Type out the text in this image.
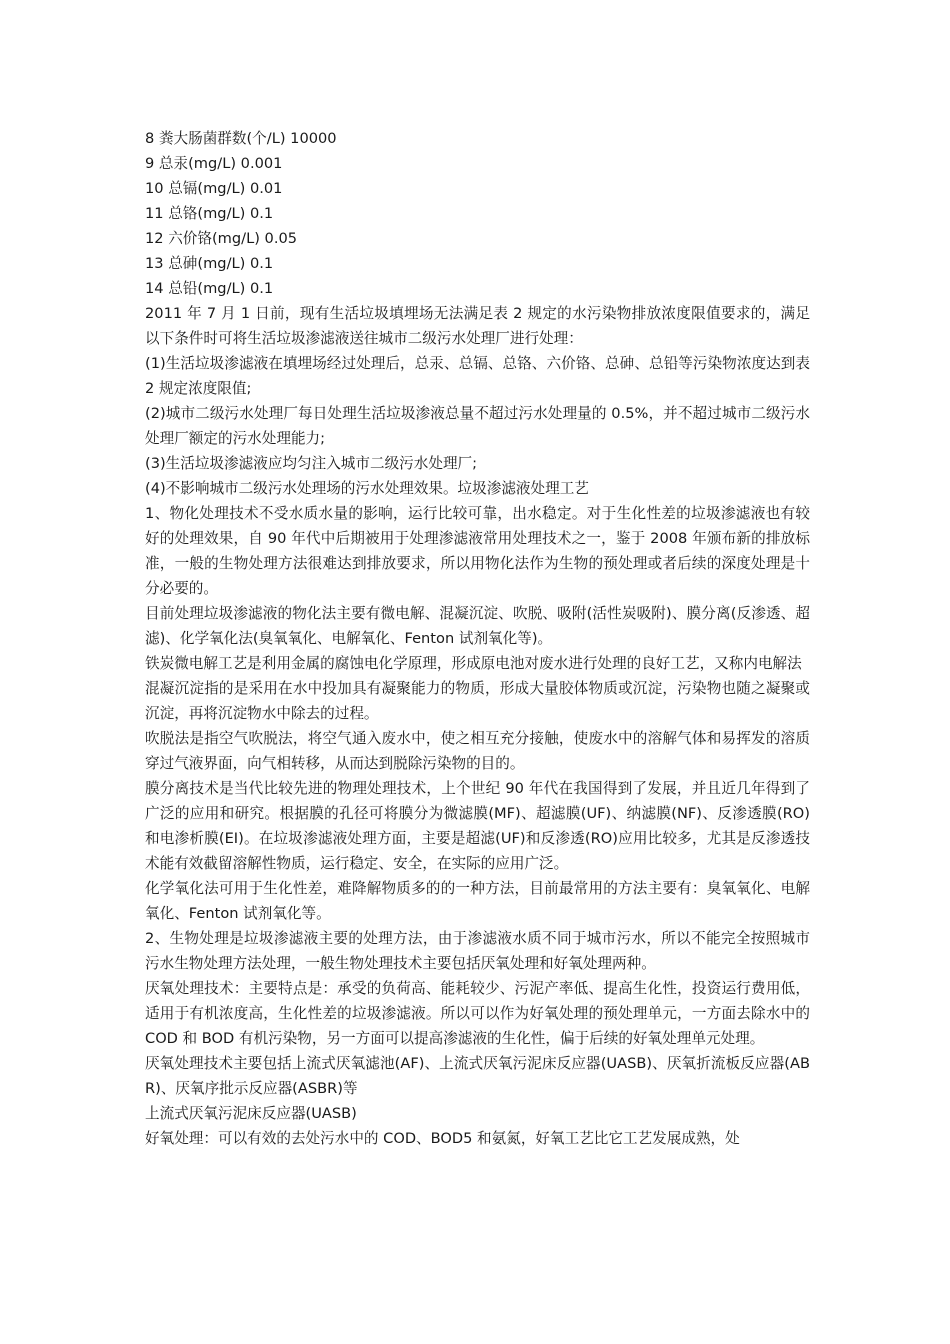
8 粪大肠菌群数(个/L) 10000

9 总汞(mg/L) 0.001

10 总镉(mg/L) 0.01

11 总铬(mg/L) 0.1

12 六价铬(mg/L) 0.05

13 总砷(mg/L) 0.1

14 总铅(mg/L) 0.1

2011 年 7 月 1 日前，现有生活垃圾填埋场无法满足表 2 规定的水污染物排放浓度限值要求的，满足以下条件时可将生活垃圾渗滤液送往城市二级污水处理厂进行处理：

(1)生活垃圾渗滤液在填埋场经过处理后，总汞、总镉、总铬、六价铬、总砷、总铅等污染物浓度达到表 2 规定浓度限值;

(2)城市二级污水处理厂每日处理生活垃圾渗液总量不超过污水处理量的 0.5%，并不超过城市二级污水处理厂额定的污水处理能力;

(3)生活垃圾渗滤液应均匀注入城市二级污水处理厂;

(4)不影响城市二级污水处理场的污水处理效果。垃圾渗滤液处理工艺

1、物化处理技术不受水质水量的影响，运行比较可靠，出水稳定。对于生化性差的垃圾渗滤液也有较好的处理效果，自 90 年代中后期被用于处理渗滤液常用处理技术之一，鉴于 2008 年颁布新的排放标准，一般的生物处理方法很难达到排放要求，所以用物化法作为生物的预处理或者后续的深度处理是十分必要的。

目前处理垃圾渗滤液的物化法主要有微电解、混凝沉淀、吹脱、吸附(活性炭吸附)、膜分离(反渗透、超滤)、化学氧化法(臭氧氧化、电解氧化、Fenton 试剂氧化等)。

铁炭微电解工艺是利用金属的腐蚀电化学原理，形成原电池对废水进行处理的良好工艺，又称内电解法

混凝沉淀指的是采用在水中投加具有凝聚能力的物质，形成大量胶体物质或沉淀，污染物也随之凝聚或沉淀，再将沉淀物水中除去的过程。

吹脱法是指空气吹脱法，将空气通入废水中，使之相互充分接触，使废水中的溶解气体和易挥发的溶质穿过气液界面，向气相转移，从而达到脱除污染物的目的。

膜分离技术是当代比较先进的物理处理技术，上个世纪 90 年代在我国得到了发展，并且近几年得到了广泛的应用和研究。根据膜的孔径可将膜分为微滤膜(MF)、超滤膜(UF)、纳滤膜(NF)、反渗透膜(RO)和电渗析膜(EI)。在垃圾渗滤液处理方面，主要是超滤(UF)和反渗透(RO)应用比较多，尤其是反渗透技术能有效截留溶解性物质，运行稳定、安全，在实际的应用广泛。

化学氧化法可用于生化性差，难降解物质多的的一种方法，目前最常用的方法主要有：臭氧氧化、电解氧化、Fenton 试剂氧化等。

2、生物处理是垃圾渗滤液主要的处理方法，由于渗滤液水质不同于城市污水，所以不能完全按照城市污水生物处理方法处理，一般生物处理技术主要包括厌氧处理和好氧处理两种。

厌氧处理技术：主要特点是：承受的负荷高、能耗较少、污泥产率低、提高生化性，投资运行费用低，适用于有机浓度高，生化性差的垃圾渗滤液。所以可以作为好氧处理的预处理单元，一方面去除水中的 COD 和 BOD 有机污染物，另一方面可以提高渗滤液的生化性，偏于后续的好氧处理单元处理。

厌氧处理技术主要包括上流式厌氧滤池(AF)、上流式厌氧污泥床反应器(UASB)、厌氧折流板反应器(ABR)、厌氧序批示反应器(ASBR)等

上流式厌氧污泥床反应器(UASB)

好氧处理：可以有效的去处污水中的 COD、BOD5 和氨氮，好氧工艺比它工艺发展成熟，处
